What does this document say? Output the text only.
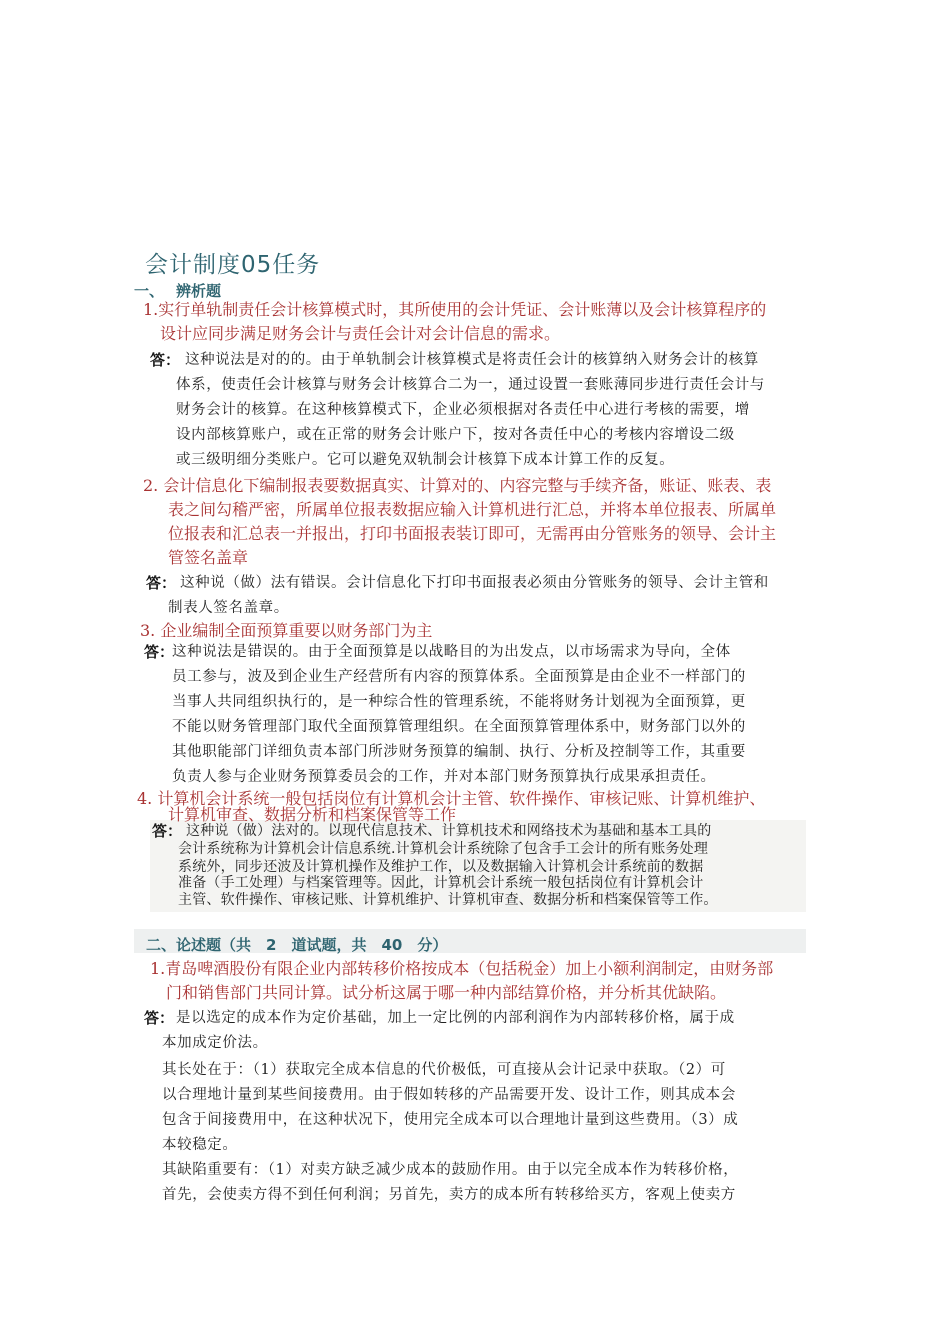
会计制度05任务
一、 辨析题
1.实行单轨制责任会计核算模式时，其所使用的会计凭证、会计账薄以及会计核算程序的
设计应同步满足财务会计与责任会计对会计信息的需求。
答： 这种说法是对的的。由于单轨制会计核算模式是将责任会计的核算纳入财务会计的核算
体系，使责任会计核算与财务会计核算合二为一，通过设置一套账薄同步进行责任会计与
财务会计的核算。在这种核算模式下，企业必须根据对各责任中心进行考核的需要，增
设内部核算账户，或在正常的财务会计账户下，按对各责任中心的考核内容增设二级
或三级明细分类账户。它可以避免双轨制会计核算下成本计算工作的反复。
2. 会计信息化下编制报表要数据真实、计算对的、内容完整与手续齐备，账证、账表、表
表之间勾稽严密，所属单位报表数据应输入计算机进行汇总，并将本单位报表、所属单
位报表和汇总表一并报出，打印书面报表装订即可，无需再由分管账务的领导、会计主
管签名盖章
答： 这种说（做）法有错误。会计信息化下打印书面报表必须由分管账务的领导、会计主管和
制表人签名盖章。
3. 企业编制全面预算重要以财务部门为主
答：
这种说法是错误的。由于全面预算是以战略目的为出发点，以市场需求为导向，全体
员工参与，波及到企业生产经营所有内容的预算体系。全面预算是由企业不一样部门的
当事人共同组织执行的，是一种综合性的管理系统，不能将财务计划视为全面预算，更
不能以财务管理部门取代全面预算管理组织。在全面预算管理体系中，财务部门以外的
其他职能部门详细负责本部门所涉财务预算的编制、执行、分析及控制等工作，其重要
负责人参与企业财务预算委员会的工作，并对本部门财务预算执行成果承担责任。
4. 计算机会计系统一般包括岗位有计算机会计主管、软件操作、审核记账、计算机维护、
计算机审查、数据分析和档案保管等工作
答： 这种说（做）法对的。以现代信息技术、计算机技术和网络技术为基础和基本工具的
会计系统称为计算机会计信息系统.计算机会计系统除了包含手工会计的所有账务处理
系统外，同步还波及计算机操作及维护工作，以及数据输入计算机会计系统前的数据
准备（手工处理）与档案管理等。因此，计算机会计系统一般包括岗位有计算机会计
主管、软件操作、审核记账、计算机维护、计算机审查、数据分析和档案保管等工作。
二、论述题（共　2　道试题，共　40　分）
1.青岛啤酒股份有限企业内部转移价格按成本（包括税金）加上小额利润制定，由财务部
门和销售部门共同计算。试分析这属于哪一种内部结算价格，并分析其优缺陷。
答： 是以选定的成本作为定价基础，加上一定比例的内部利润作为内部转移价格，属于成
本加成定价法。
其长处在于：（1）获取完全成本信息的代价极低，可直接从会计记录中获取。（2）可
以合理地计量到某些间接费用。由于假如转移的产品需要开发、设计工作，则其成本会
包含于间接费用中，在这种状况下，使用完全成本可以合理地计量到这些费用。（3）成
本较稳定。
其缺陷重要有：（1）对卖方缺乏减少成本的鼓励作用。由于以完全成本作为转移价格，
首先，会使卖方得不到任何利润；另首先，卖方的成本所有转移给买方，客观上使卖方
